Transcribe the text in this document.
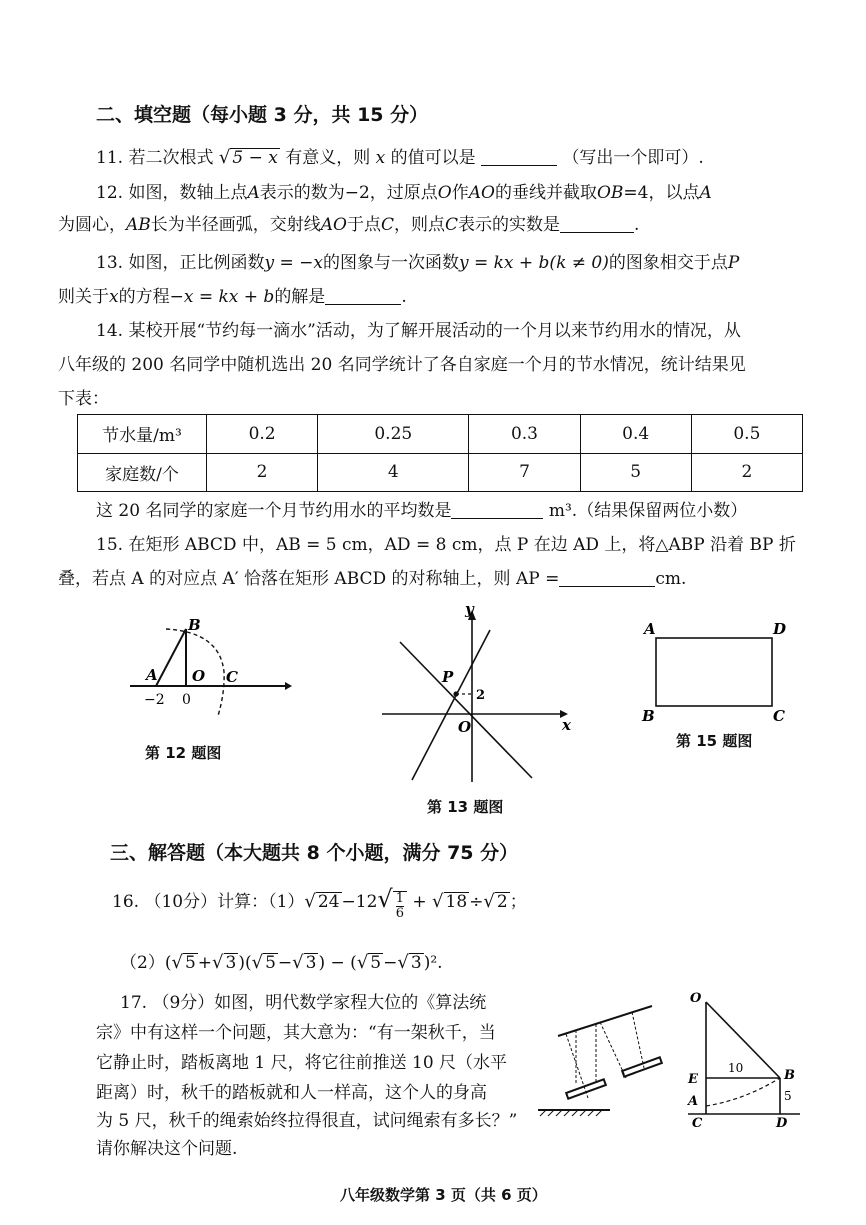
二、填空题（每小题 3 分，共 15 分）
11. 若二次根式 √ 5 − x 有意义，则 x 的值可以是	（写出一个即可）.
12. 如图，数轴上点A表示的数为−2，过原点O作AO的垂线并截取OB=4，以点A
为圆心，AB长为半径画弧，交射线AO于点C，则点C表示的实数是	.
13. 如图，正比例函数y = −x的图象与一次函数y = kx + b(k ≠ 0)的图象相交于点P
则关于x的方程−x = kx + b的解是	.
14. 某校开展“节约每一滴水”活动，为了解开展活动的一个月以来节约用水的情况，从
八年级的 200 名同学中随机选出 20 名同学统计了各自家庭一个月的节水情况，统计结果见
下表：
节水量/m³	0.2	0.25	0.3	0.4	0.5
家庭数/个	2	4	7	5	2
这 20 名同学的家庭一个月节约用水的平均数是	m³.（结果保留两位小数）
15. 在矩形 ABCD 中，AB = 5 cm，AD = 8 cm，点 P 在边 AD 上，将△ABP 沿着 BP 折
叠，若点 A 的对应点 A′ 恰落在矩形 ABCD 的对称轴上，则 AP =	cm.
B
A O C
−2 0
第 12 题图
y
x
P
O
2
第 13 题图
A	D
B	C
第 15 题图
三、解答题（本大题共 8 个小题，满分 75 分）
16. （10分）计算：（1）√ $24 -12√ \frac{1}{6}$ + √ 18 ÷√ 2 ；
（2）(√ 5 +√ 3 )(√ 5 −√ 3 ) − (√ 5 −√ 3 )².
17. （9分）如图，明代数学家程大位的《算法统
宗》中有这样一个问题，其大意为：“有一架秋千，当
它静止时，踏板离地 1 尺，将它往前推送 10 尺（水平
距离）时，秋千的踏板就和人一样高，这个人的身高
为 5 尺，秋千的绳索始终拉得很直，试问绳索有多长？”
请你解决这个问题.
O
E
A
C
B
D
10
5
八年级数学第 3 页（共 6 页）
